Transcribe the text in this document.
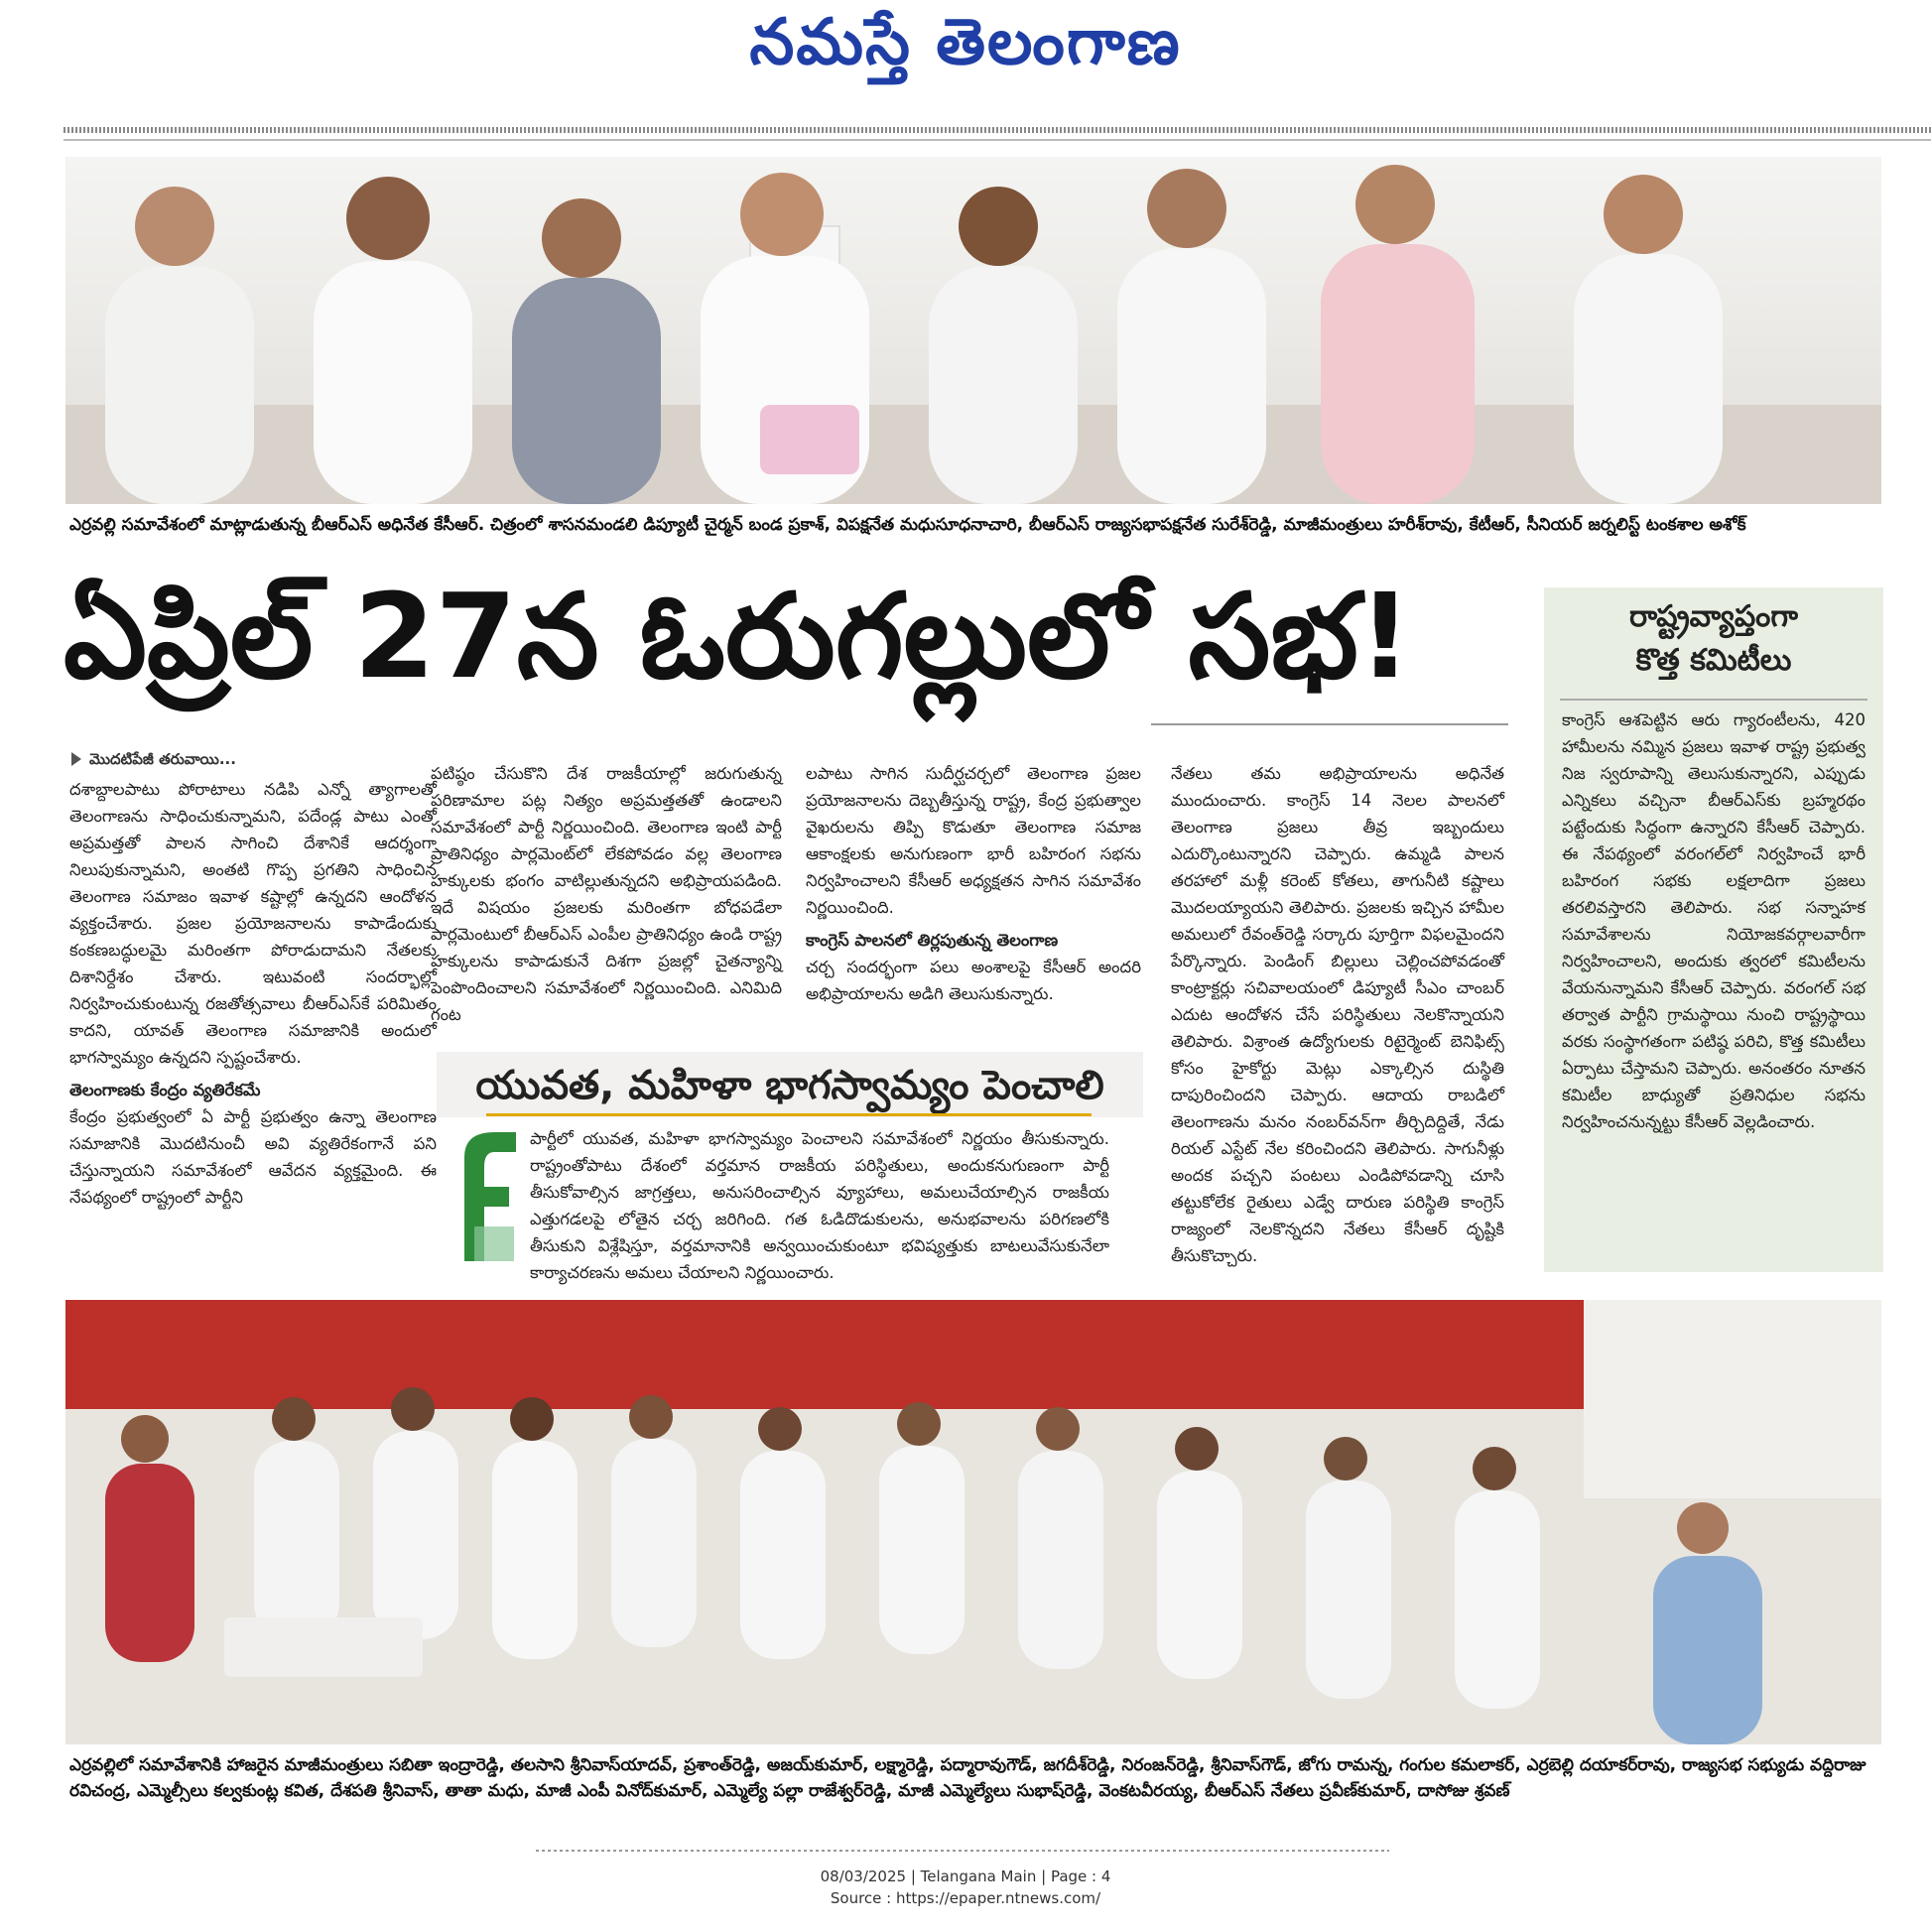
నమస్తే తెలంగాణ
ఎర్రవల్లి సమావేశంలో మాట్లాడుతున్న బీఆర్ఎస్ అధినేత కేసీఆర్. చిత్రంలో శాసనమండలి డిప్యూటీ చైర్మన్ బండ ప్రకాశ్, విపక్షనేత మధుసూధనాచారి, బీఆర్ఎస్ రాజ్యసభాపక్షనేత సురేశ్‌రెడ్డి, మాజీమంత్రులు హరీశ్‌రావు, కేటీఆర్, సీనియర్ జర్నలిస్ట్ టంకశాల అశోక్
ఏప్రిల్ 27న ఓరుగల్లులో సభ!
మొదటిపేజీ తరువాయి...
దశాబ్దాలపాటు పోరాటాలు నడిపి ఎన్నో త్యాగాలతో తెలంగాణను సాధించుకున్నామని, పదేండ్ల పాటు ఎంతో అప్రమత్తతో పాలన సాగించి దేశానికే ఆదర్శంగా నిలుపుకున్నామని, అంతటి గొప్ప ప్రగతిని సాధించిన తెలంగాణ సమాజం ఇవాళ కష్టాల్లో ఉన్నదని ఆందోళన వ్యక్తంచేశారు. ప్రజల ప్రయోజనాలను కాపాడేందుకు కంకణబద్ధులమై మరింతగా పోరాడుదామని నేతలకు దిశానిర్దేశం చేశారు. ఇటువంటి సందర్భాల్లో నిర్వహించుకుంటున్న రజతోత్సవాలు బీఆర్ఎస్‌కే పరిమితం కాదని, యావత్ తెలంగాణ సమాజానికి అందులో భాగస్వామ్యం ఉన్నదని స్పష్టంచేశారు.
తెలంగాణకు కేంద్రం వ్యతిరేకమే
కేంద్రం ప్రభుత్వంలో ఏ పార్టీ ప్రభుత్వం ఉన్నా తెలంగాణ సమాజానికి మొదటినుంచీ అవి వ్యతిరేకంగానే పని చేస్తున్నాయని సమావేశంలో ఆవేదన వ్యక్తమైంది. ఈ నేపథ్యంలో రాష్ట్రంలో పార్టీని
పటిష్ఠం చేసుకొని దేశ రాజకీయాల్లో జరుగుతున్న పరిణామాల పట్ల నిత్యం అప్రమత్తతతో ఉండాలని సమావేశంలో పార్టీ నిర్ణయించింది. తెలంగాణ ఇంటి పార్టీ ప్రాతినిధ్యం పార్లమెంట్‌లో లేకపోవడం వల్ల తెలంగాణ హక్కులకు భంగం వాటిల్లుతున్నదని అభిప్రాయపడింది. ఇదే విషయం ప్రజలకు మరింతగా బోధపడేలా పార్లమెంటులో బీఆర్ఎస్ ఎంపీల ప్రాతినిధ్యం ఉండి రాష్ట్ర హక్కులను కాపాడుకునే దిశగా ప్రజల్లో చైతన్యాన్ని పెంపొందించాలని సమావేశంలో నిర్ణయించింది. ఎనిమిది గంట
లపాటు సాగిన సుదీర్ఘచర్చలో తెలంగాణ ప్రజల ప్రయోజనాలను దెబ్బతీస్తున్న రాష్ట్ర, కేంద్ర ప్రభుత్వాల వైఖరులను తిప్పి కొడుతూ తెలంగాణ సమాజ ఆకాంక్షలకు అనుగుణంగా భారీ బహిరంగ సభను నిర్వహించాలని కేసీఆర్ అధ్యక్షతన సాగిన సమావేశం నిర్ణయించింది.
కాంగ్రెస్ పాలనలో తిర్లపుతున్న తెలంగాణ
చర్చ సందర్భంగా పలు అంశాలపై కేసీఆర్ అందరి అభిప్రాయాలను అడిగి తెలుసుకున్నారు.
నేతలు తమ అభిప్రాయాలను అధినేత ముందుంచారు. కాంగ్రెస్ 14 నెలల పాలనలో తెలంగాణ ప్రజలు తీవ్ర ఇబ్బందులు ఎదుర్కొంటున్నారని చెప్పారు. ఉమ్మడి పాలన తరహాలో మళ్లీ కరెంట్ కోతలు, తాగునీటి కష్టాలు మొదలయ్యాయని తెలిపారు. ప్రజలకు ఇచ్చిన హామీల అమలులో రేవంత్‌రెడ్డి సర్కారు పూర్తిగా విఫలమైందని పేర్కొన్నారు. పెండింగ్ బిల్లులు చెల్లించపోవడంతో కాంట్రాక్టర్లు సచివాలయంలో డిప్యూటీ సీఎం చాంబర్ ఎదుట ఆందోళన చేసే పరిస్థితులు నెలకొన్నాయని తెలిపారు. విశ్రాంత ఉద్యోగులకు రిటైర్మెంట్ బెనిఫిట్స్ కోసం హైకోర్టు మెట్లు ఎక్కాల్సిన దుస్థితి దాపురించిందని చెప్పారు. ఆదాయ రాబడిలో తెలంగాణను మనం నంబర్‌వన్‌గా తీర్చిదిద్దితే, నేడు రియల్ ఎస్టేట్ నేల కరించిందని తెలిపారు. సాగునీళ్లు అందక పచ్చని పంటలు ఎండిపోవడాన్ని చూసి తట్టుకోలేక రైతులు ఎడ్వే దారుణ పరిస్థితి కాంగ్రెస్ రాజ్యంలో నెలకొన్నదని నేతలు కేసీఆర్ దృష్టికి తీసుకొచ్చారు.
రాష్ట్రవ్యాప్తంగా
కొత్త కమిటీలు
కాంగ్రెస్ ఆశపెట్టిన ఆరు గ్యారంటీలను, 420 హామీలను నమ్మిన ప్రజలు ఇవాళ రాష్ట్ర ప్రభుత్వ నిజ స్వరూపాన్ని తెలుసుకున్నారని, ఎప్పుడు ఎన్నికలు వచ్చినా బీఆర్ఎస్‌కు బ్రహ్మరథం పట్టేందుకు సిద్ధంగా ఉన్నారని కేసీఆర్ చెప్పారు. ఈ నేపథ్యంలో వరంగల్‌లో నిర్వహించే భారీ బహిరంగ సభకు లక్షలాదిగా ప్రజలు తరలివస్తారని తెలిపారు. సభ సన్నాహక సమావేశాలను నియోజకవర్గాలవారీగా నిర్వహించాలని, అందుకు త్వరలో కమిటీలను వేయనున్నామని కేసీఆర్ చెప్పారు. వరంగల్ సభ తర్వాత పార్టీని గ్రామస్థాయి నుంచి రాష్ట్రస్థాయి వరకు సంస్థాగతంగా పటిష్ఠ పరిచి, కొత్త కమిటీలు ఏర్పాటు చేస్తామని చెప్పారు. అనంతరం నూతన కమిటీల బాధ్యుతో ప్రతినిధుల సభను నిర్వహించనున్నట్టు కేసీఆర్ వెల్లడించారు.
యువత, మహిళా భాగస్వామ్యం పెంచాలి
పార్టీలో యువత, మహిళా భాగస్వామ్యం పెంచాలని సమావేశంలో నిర్ణయం తీసుకున్నారు. రాష్ట్రంతోపాటు దేశంలో వర్తమాన రాజకీయ పరిస్థితులు, అందుకనుగుణంగా పార్టీ తీసుకోవాల్సిన జాగ్రత్తలు, అనుసరించాల్సిన వ్యూహాలు, అమలుచేయాల్సిన రాజకీయ ఎత్తుగడలపై లోతైన చర్చ జరిగింది. గత ఓడిదొడుకులను, అనుభవాలను పరిగణలోకి తీసుకుని విశ్లేషిస్తూ, వర్తమానానికి అన్వయించుకుంటూ భవిష్యత్తుకు బాటలువేసుకునేలా కార్యాచరణను అమలు చేయాలని నిర్ణయించారు.
ఎర్రవల్లిలో సమావేశానికి హాజరైన మాజీమంత్రులు సబితా ఇంద్రారెడ్డి, తలసాని శ్రీనివాస్‌యాదవ్, ప్రశాంత్‌రెడ్డి, అజయ్‌కుమార్, లక్ష్మారెడ్డి, పద్మారావుగౌడ్, జగదీశ్‌రెడ్డి, నిరంజన్‌రెడ్డి, శ్రీనివాస్‌గౌడ్, జోగు రామన్న, గంగుల కమలాకర్, ఎర్రబెల్లి దయాకర్‌రావు, రాజ్యసభ సభ్యుడు వద్దిరాజు రవిచంద్ర, ఎమ్మెల్సీలు కల్వకుంట్ల కవిత, దేశపతి శ్రీనివాస్, తాతా మధు, మాజీ ఎంపీ వినోద్‌కుమార్, ఎమ్మెల్యే పల్లా రాజేశ్వర్‌రెడ్డి, మాజీ ఎమ్మెల్యేలు సుభాష్‌రెడ్డి, వెంకటవీరయ్య, బీఆర్ఎస్ నేతలు ప్రవీణ్‌కుమార్, దాసోజు శ్రవణ్
08/03/2025 | Telangana Main | Page : 4
Source : https://epaper.ntnews.com/
